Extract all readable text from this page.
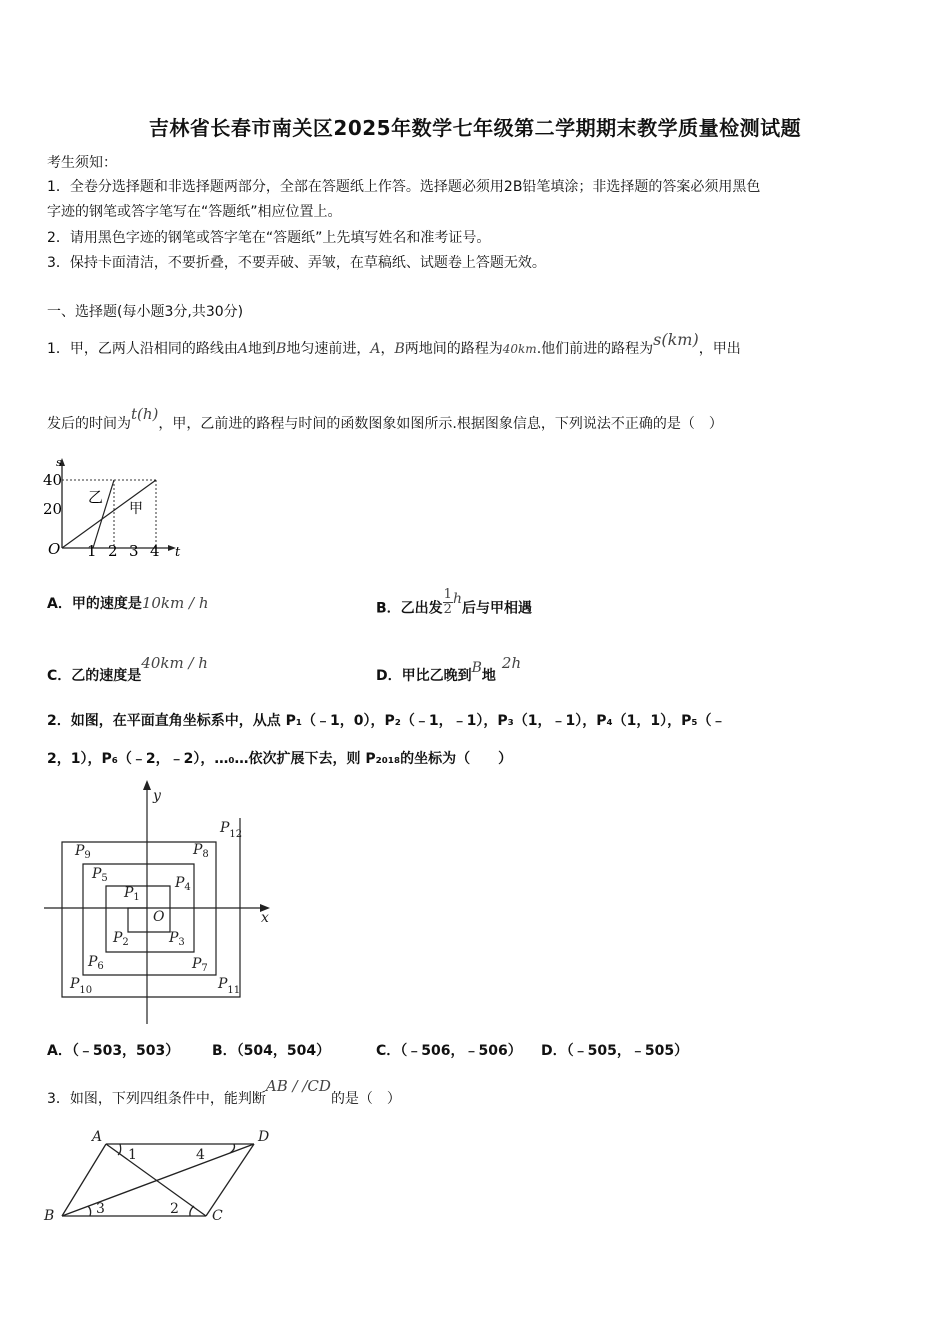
吉林省长春市南关区2025年数学七年级第二学期期末教学质量检测试题
考生须知：
1．全卷分选择题和非选择题两部分，全部在答题纸上作答。选择题必须用2B铅笔填涂；非选择题的答案必须用黑色
字迹的钢笔或答字笔写在“答题纸”相应位置上。
2．请用黑色字迹的钢笔或答字笔在“答题纸”上先填写姓名和准考证号。
3．保持卡面清洁，不要折叠，不要弄破、弄皱，在草稿纸、试题卷上答题无效。
一、选择题(每小题3分,共30分)
1．甲，乙两人沿相同的路线由A地到B地匀速前进，A，B两地间的路程为40km.他们前进的路程为s(km)，甲出
发后的时间为t(h)，甲，乙前进的路程与时间的函数图象如图所示.根据图象信息，下列说法不正确的是（　）
s
40
20
O 1 2 3 4 t
乙
甲
A．甲的速度是10km / h	B．乙出发 $\frac{1}{2}$ h后与甲相遇
C．乙的速度是40km / h
D．甲比乙晚到B地2h
2．如图，在平面直角坐标系中，从点 P₁（﹣1，0），P₂（﹣1，﹣1），P₃（1，﹣1），P₄（1，1），P₅（﹣
2，1），P₆（﹣2，﹣2），…₀…依次扩展下去，则 P₂₀₁₈的坐标为（　　）
O
y
x
$P_1$
$P_2$	$P_3$
$P_4$
$P_5$
$P_6$	$P_7$
$P_8$
$P_9$
$P_{10}$	$P_{11}$
$P_{12}$
A．（﹣503，503） B．（504，504）	C．（﹣506，﹣506） D．（﹣505，﹣505）
3．如图，下列四组条件中，能判断AB / /CD的是（　）
A	D
B	C
1	4
3	2
